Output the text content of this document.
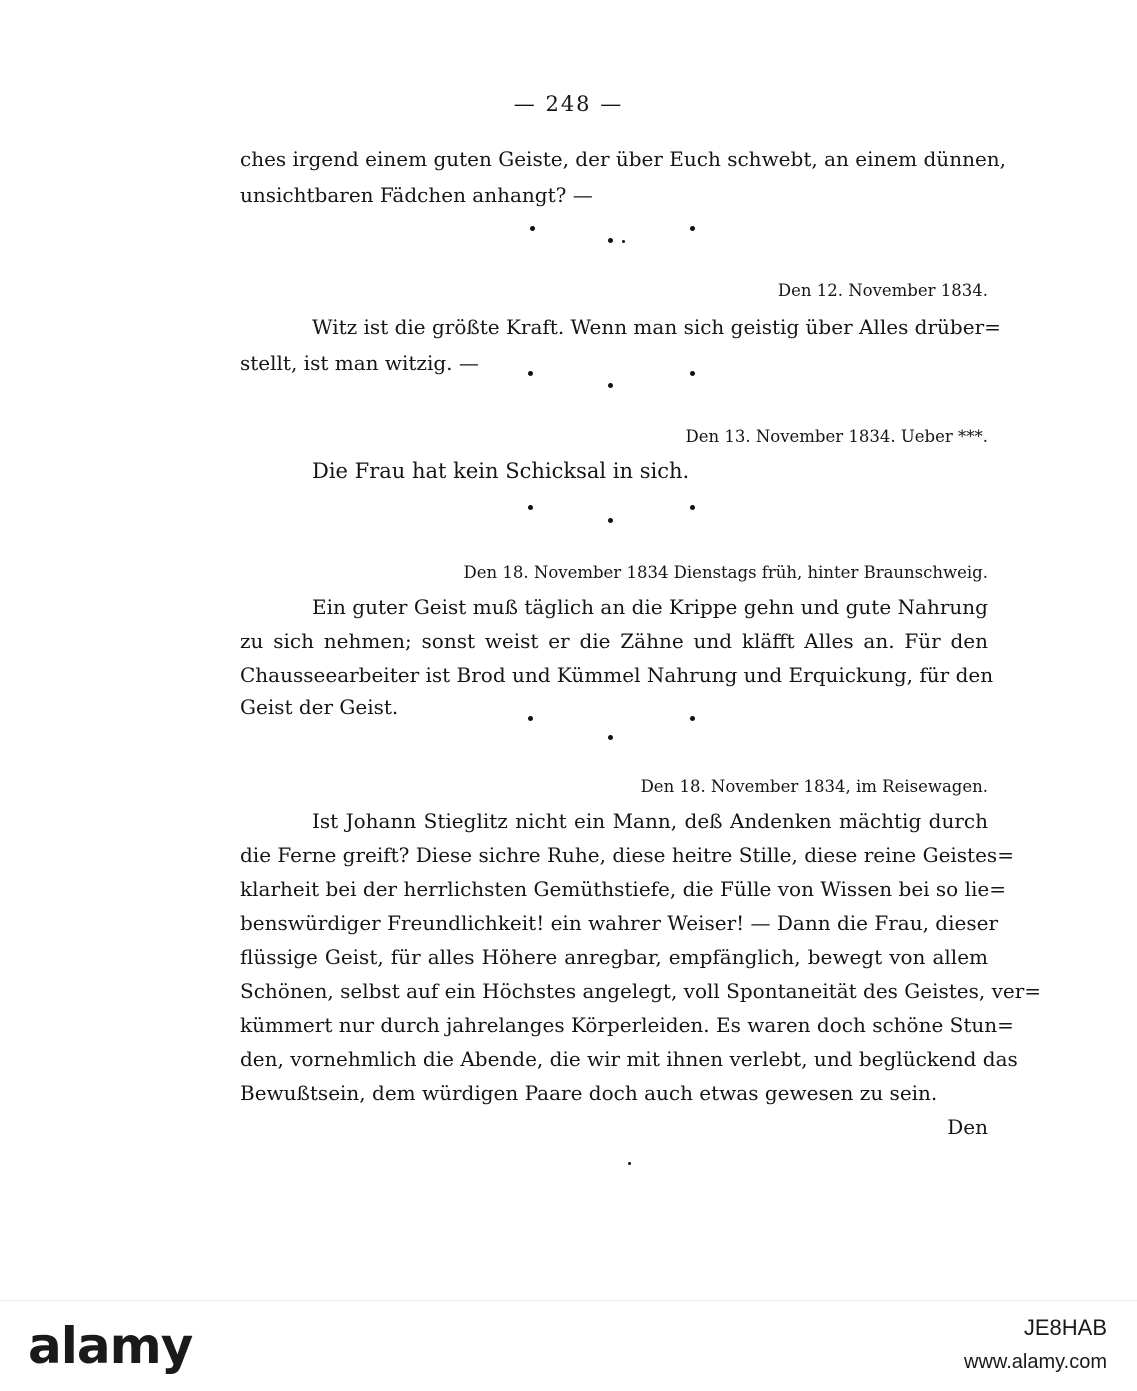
— 248 —

ches irgend einem guten Geiste, der über Euch schwebt, an einem dünnen,

unsichtbaren Fädchen anhangt? —

Den 12. November 1834.

Witz ist die größte Kraft. Wenn man sich geistig über Alles drüber=

stellt, ist man witzig. —

Den 13. November 1834. Ueber ***.

Die Frau hat kein Schicksal in sich.

Den 18. November 1834 Dienstags früh, hinter Braunschweig.

Ein guter Geist muß täglich an die Krippe gehn und gute Nahrung

zu sich nehmen; sonst weist er die Zähne und kläfft Alles an. Für den

Chausseearbeiter ist Brod und Kümmel Nahrung und Erquickung, für den

Geist der Geist.

Den 18. November 1834, im Reisewagen.

Ist Johann Stieglitz nicht ein Mann, deß Andenken mächtig durch

die Ferne greift? Diese sichre Ruhe, diese heitre Stille, diese reine Geistes=

klarheit bei der herrlichsten Gemüthstiefe, die Fülle von Wissen bei so lie=

benswürdiger Freundlichkeit! ein wahrer Weiser! — Dann die Frau, dieser

flüssige Geist, für alles Höhere anregbar, empfänglich, bewegt von allem

Schönen, selbst auf ein Höchstes angelegt, voll Spontaneität des Geistes, ver=

kümmert nur durch jahrelanges Körperleiden. Es waren doch schöne Stun=

den, vornehmlich die Abende, die wir mit ihnen verlebt, und beglückend das

Bewußtsein, dem würdigen Paare doch auch etwas gewesen zu sein.

Den

alamy	JE8HAB
www.alamy.com
